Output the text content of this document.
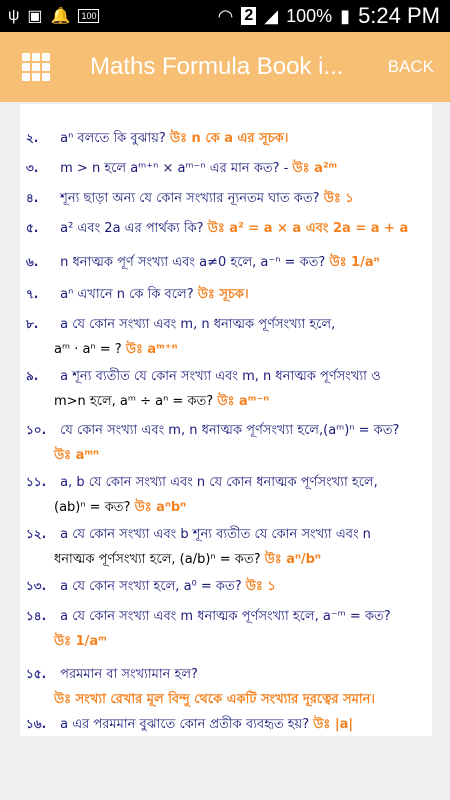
ψ ▣ 🔔	100	◠ 2 ◢ 100% ▮ 5:24 PM
Maths Formula Book i...	BACK
২. aⁿ বলতে কি বুঝায়? উঃ n কে a এর সূচক।
৩. m > n হলে aᵐ⁺ⁿ × aᵐ⁻ⁿ এর মান কত? - উঃ a²ᵐ
৪. শূন্য ছাড়া অন্য যে কোন সংখ্যার ন্যূনতম ঘাত কত? উঃ ১
৫. a² এবং 2a এর পার্থক্য কি? উঃ a² = a × a এবং 2a = a + a
৬. n ধনাত্মক পূর্ণ সংখ্যা এবং a≠0 হলে, a⁻ⁿ = কত? উঃ 1/aⁿ
৭. aⁿ এখানে n কে কি বলে? উঃ সূচক।
৮. a যে কোন সংখ্যা এবং m, n ধনাত্মক পূর্ণসংখ্যা হলে,
aᵐ · aⁿ = ? উঃ aᵐ⁺ⁿ
৯. a শূন্য ব্যতীত যে কোন সংখ্যা এবং m, n ধনাত্মক পূর্ণসংখ্যা ও
m>n হলে, aᵐ ÷ aⁿ = কত? উঃ aᵐ⁻ⁿ
১০. যে কোন সংখ্যা এবং m, n ধনাত্মক পূর্ণসংখ্যা হলে,(aᵐ)ⁿ = কত?
উঃ aᵐⁿ
১১. a, b যে কোন সংখ্যা এবং n যে কোন ধনাত্মক পূর্ণসংখ্যা হলে,
(ab)ⁿ = কত? উঃ aⁿbⁿ
১২. a যে কোন সংখ্যা এবং b শূন্য ব্যতীত যে কোন সংখ্যা এবং n
ধনাত্মক পূর্ণসংখ্যা হলে, (a/b)ⁿ = কত? উঃ aⁿ/bⁿ
১৩. a যে কোন সংখ্যা হলে, a⁰ = কত? উঃ ১
১৪. a যে কোন সংখ্যা এবং m ধনাত্মক পূর্ণসংখ্যা হলে, a⁻ᵐ = কত?
উঃ 1/aᵐ
১৫. পরমমান বা সংখ্যামান হল?
উঃ সংখ্যা রেখার মূল বিন্দু থেকে একটি সংখ্যার দূরত্বের সমান।
১৬. a এর পরমমান বুঝাতে কোন প্রতীক ব্যবহৃত হয়? উঃ |a|
